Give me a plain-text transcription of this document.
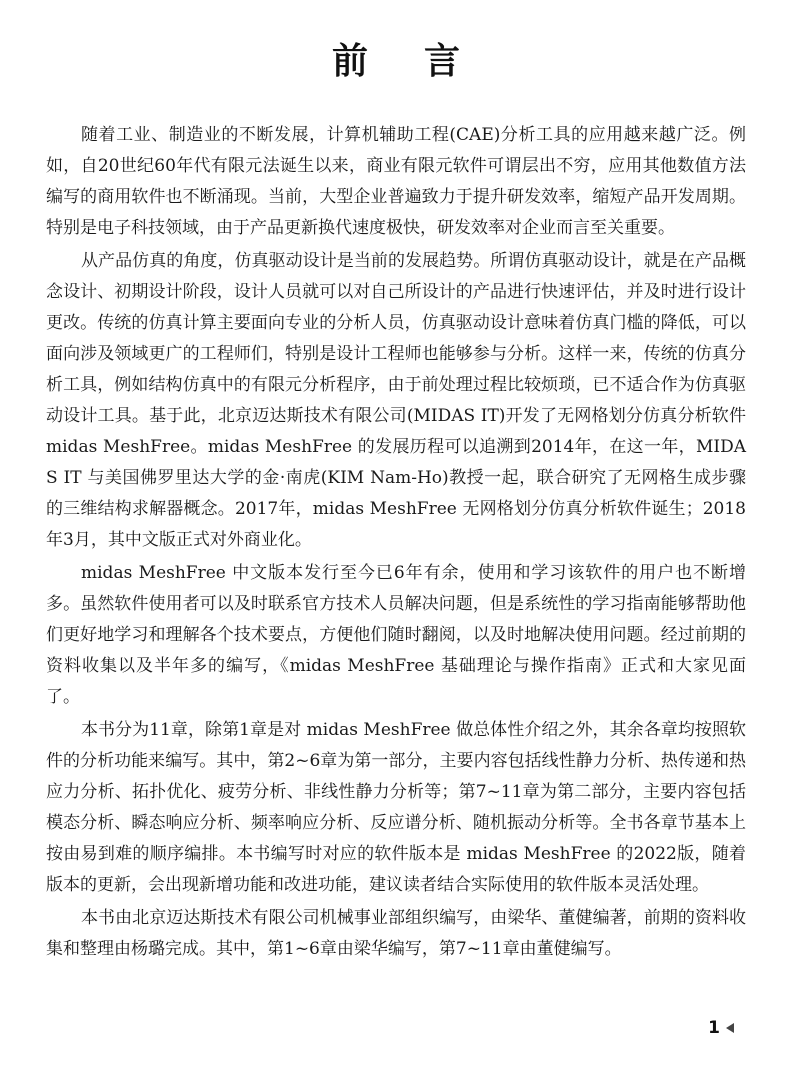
前言

随着工业、制造业的不断发展，计算机辅助工程(CAE)分析工具的应用越来越广泛。例如，自20世纪60年代有限元法诞生以来，商业有限元软件可谓层出不穷，应用其他数值方法编写的商用软件也不断涌现。当前，大型企业普遍致力于提升研发效率，缩短产品开发周期。特别是电子科技领域，由于产品更新换代速度极快，研发效率对企业而言至关重要。

从产品仿真的角度，仿真驱动设计是当前的发展趋势。所谓仿真驱动设计，就是在产品概念设计、初期设计阶段，设计人员就可以对自己所设计的产品进行快速评估，并及时进行设计更改。传统的仿真计算主要面向专业的分析人员，仿真驱动设计意味着仿真门槛的降低，可以面向涉及领域更广的工程师们，特别是设计工程师也能够参与分析。这样一来，传统的仿真分析工具，例如结构仿真中的有限元分析程序，由于前处理过程比较烦琐，已不适合作为仿真驱动设计工具。基于此，北京迈达斯技术有限公司(MIDAS IT)开发了无网格划分仿真分析软件 midas MeshFree。midas MeshFree 的发展历程可以追溯到2014年，在这一年，MIDAS IT 与美国佛罗里达大学的金·南虎(KIM Nam-Ho)教授一起，联合研究了无网格生成步骤的三维结构求解器概念。2017年，midas MeshFree 无网格划分仿真分析软件诞生；2018年3月，其中文版正式对外商业化。

midas MeshFree 中文版本发行至今已6年有余，使用和学习该软件的用户也不断增多。虽然软件使用者可以及时联系官方技术人员解决问题，但是系统性的学习指南能够帮助他们更好地学习和理解各个技术要点，方便他们随时翻阅，以及时地解决使用问题。经过前期的资料收集以及半年多的编写，《midas MeshFree 基础理论与操作指南》正式和大家见面了。

本书分为11章，除第1章是对 midas MeshFree 做总体性介绍之外，其余各章均按照软件的分析功能来编写。其中，第2~6章为第一部分，主要内容包括线性静力分析、热传递和热应力分析、拓扑优化、疲劳分析、非线性静力分析等；第7~11章为第二部分，主要内容包括模态分析、瞬态响应分析、频率响应分析、反应谱分析、随机振动分析等。全书各章节基本上按由易到难的顺序编排。本书编写时对应的软件版本是 midas MeshFree 的2022版，随着版本的更新，会出现新增功能和改进功能，建议读者结合实际使用的软件版本灵活处理。

本书由北京迈达斯技术有限公司机械事业部组织编写，由梁华、董健编著，前期的资料收集和整理由杨璐完成。其中，第1~6章由梁华编写，第7~11章由董健编写。

1
